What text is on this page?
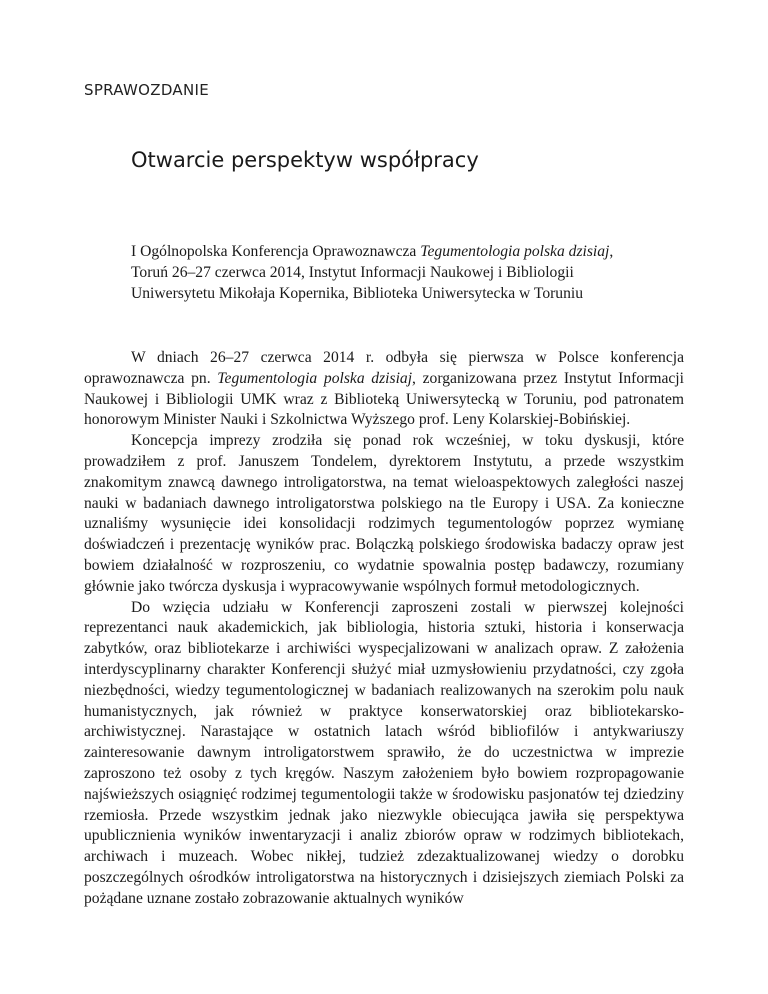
SPRAWOZDANIE
Otwarcie perspektyw współpracy

I Ogólnopolska Konferencja Oprawoznawcza Tegumentologia polska dzisiaj, Toruń 26–27 czerwca 2014, Instytut Informacji Naukowej i Bibliologii Uniwersytetu Mikołaja Kopernika, Biblioteka Uniwersytecka w Toruniu

W dniach 26–27 czerwca 2014 r. odbyła się pierwsza w Polsce konferencja oprawoznawcza pn. Tegumentologia polska dzisiaj, zorganizowana przez Instytut Informacji Naukowej i Bibliologii UMK wraz z Biblioteką Uniwersytecką w Toruniu, pod patronatem honorowym Minister Nauki i Szkolnictwa Wyższego prof. Leny Kolarskiej-Bobińskiej.

Koncepcja imprezy zrodziła się ponad rok wcześniej, w toku dyskusji, które prowadziłem z prof. Januszem Tondelem, dyrektorem Instytutu, a przede wszystkim znakomitym znawcą dawnego introligatorstwa, na temat wieloaspektowych zaległości naszej nauki w badaniach dawnego introligatorstwa polskiego na tle Europy i USA. Za konieczne uznaliśmy wysunięcie idei konsolidacji rodzimych tegumentologów poprzez wymianę doświadczeń i prezentację wyników prac. Bolączką polskiego środowiska badaczy opraw jest bowiem działalność w rozproszeniu, co wydatnie spowalnia postęp badawczy, rozumiany głównie jako twórcza dyskusja i wypracowywanie wspólnych formuł metodologicznych.

Do wzięcia udziału w Konferencji zaproszeni zostali w pierwszej kolejności reprezentanci nauk akademickich, jak bibliologia, historia sztuki, historia i konserwacja zabytków, oraz bibliotekarze i archiwiści wyspecjalizowani w analizach opraw. Z założenia interdyscyplinarny charakter Konferencji służyć miał uzmysłowieniu przydatności, czy zgoła niezbędności, wiedzy tegumentologicznej w badaniach realizowanych na szerokim polu nauk humanistycznych, jak również w praktyce konserwatorskiej oraz bibliotekarsko-archiwistycznej. Narastające w ostatnich latach wśród bibliofilów i antykwariuszy zainteresowanie dawnym introligatorstwem sprawiło, że do uczestnictwa w imprezie zaproszono też osoby z tych kręgów. Naszym założeniem było bowiem rozpropagowanie najświeższych osiągnięć rodzimej tegumentologii także w środowisku pasjonatów tej dziedziny rzemiosła. Przede wszystkim jednak jako niezwykle obiecująca jawiła się perspektywa upublicznienia wyników inwentaryzacji i analiz zbiorów opraw w rodzimych bibliotekach, archiwach i muzeach. Wobec nikłej, tudzież zdezaktualizowanej wiedzy o dorobku poszczególnych ośrodków introligatorstwa na historycznych i dzisiejszych ziemiach Polski za pożądane uznane zostało zobrazowanie aktualnych wyników
